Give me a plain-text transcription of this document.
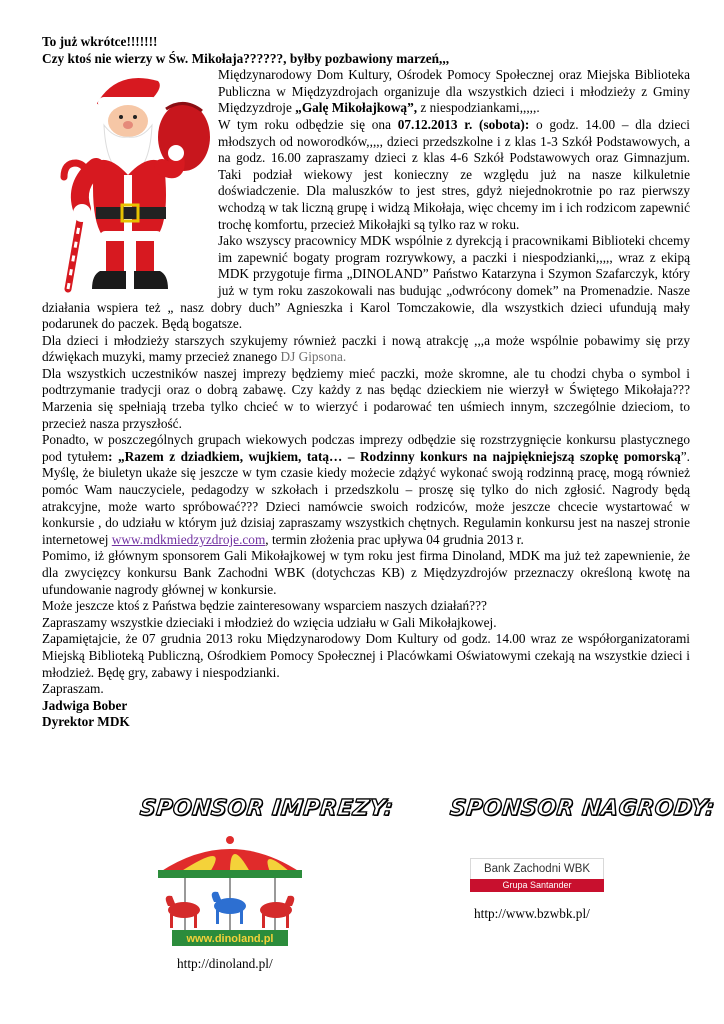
To już wkrótce!!!!!!!

Czy ktoś nie wierzy w Św. Mikołaja??????, byłby pozbawiony marzeń,,,

Międzynarodowy Dom Kultury, Ośrodek Pomocy Społecznej oraz Miejska Biblioteka Publiczna w Międzyzdrojach organizuje dla wszystkich dzieci i młodzieży z Gminy Międzyzdroje „Galę Mikołajkową”, z niespodziankami,,,,,.

W tym roku odbędzie się ona 07.12.2013 r. (sobota): o godz. 14.00 – dla dzieci młodszych od noworodków,,,,, dzieci przedszkolne i z klas 1-3 Szkół Podstawowych, a na godz. 16.00 zapraszamy dzieci z klas 4-6 Szkół Podstawowych oraz Gimnazjum. Taki podział wiekowy jest konieczny ze względu już na nasze kilkuletnie doświadczenie. Dla maluszków to jest stres, gdyż niejednokrotnie po raz pierwszy wchodzą w tak liczną grupę i widzą Mikołaja, więc chcemy im i ich rodzicom zapewnić trochę komfortu, przecież Mikołajki są tylko raz w roku.

Jako wszyscy pracownicy MDK wspólnie z dyrekcją i pracownikami Biblioteki chcemy im zapewnić bogaty program rozrywkowy, a paczki i niespodzianki,,,,, wraz z ekipą MDK przygotuje firma „DINOLAND” Państwo Katarzyna i Szymon Szafarczyk, który już w tym roku zaszokowali nas budując „odwrócony domek” na Promenadzie. Nasze działania wspiera też „ nasz dobry duch” Agnieszka i Karol Tomczakowie, dla wszystkich dzieci ufundują mały podarunek do paczek. Będą bogatsze.

Dla dzieci i młodzieży starszych szykujemy również paczki i nową atrakcję ,,,a może wspólnie pobawimy się przy dźwiękach muzyki, mamy przecież znanego DJ Gipsona.

Dla wszystkich uczestników naszej imprezy będziemy mieć paczki, może skromne, ale tu chodzi chyba o symbol i podtrzymanie tradycji oraz o dobrą zabawę. Czy każdy z nas będąc dzieckiem nie wierzył w Świętego Mikołaja??? Marzenia się spełniają trzeba tylko chcieć w to wierzyć i podarować ten uśmiech innym, szczególnie dzieciom, to przecież nasza przyszłość.

Ponadto, w poszczególnych grupach wiekowych podczas imprezy odbędzie się rozstrzygnięcie konkursu plastycznego pod tytułem: „Razem z dziadkiem, wujkiem, tatą… – Rodzinny konkurs na najpiękniejszą szopkę pomorską”. Myślę, że biuletyn ukaże się jeszcze w tym czasie kiedy możecie zdążyć wykonać swoją rodzinną pracę, mogą również pomóc Wam nauczyciele, pedagodzy w szkołach i przedszkolu – proszę się tylko do nich zgłosić. Nagrody będą atrakcyjne, może warto spróbować??? Dzieci namówcie swoich rodziców, może jeszcze chcecie wystartować w konkursie , do udziału w którym już dzisiaj zapraszamy wszystkich chętnych. Regulamin konkursu jest na naszej stronie internetowej www.mdkmiedzyzdroje.com, termin złożenia prac upływa 04 grudnia 2013 r.

Pomimo, iż głównym sponsorem Gali Mikołajkowej w tym roku jest firma Dinoland, MDK ma już też zapewnienie, że dla zwycięzcy konkursu Bank Zachodni WBK (dotychczas KB) z Międzyzdrojów przeznaczy określoną kwotę na ufundowanie nagrody głównej w konkursie.

Może jeszcze ktoś z Państwa będzie zainteresowany wsparciem naszych działań???

Zapraszamy wszystkie dzieciaki i młodzież do wzięcia udziału w Gali Mikołajkowej.

Zapamiętajcie, że 07 grudnia 2013 roku Międzynarodowy Dom Kultury od godz. 14.00 wraz ze współorganizatorami Miejską Biblioteką Publiczną, Ośrodkiem Pomocy Społecznej i Placówkami Oświatowymi czekają na wszystkie dzieci i młodzież. Będę gry, zabawy i niespodzianki.

Zapraszam.

Jadwiga Bober

Dyrektor MDK

SPONSOR IMPREZY: SPONSOR NAGRODY:
www.dinoland.pl
http://dinoland.pl/
Bank Zachodni WBK
Grupa Santander
http://www.bzwbk.pl/
